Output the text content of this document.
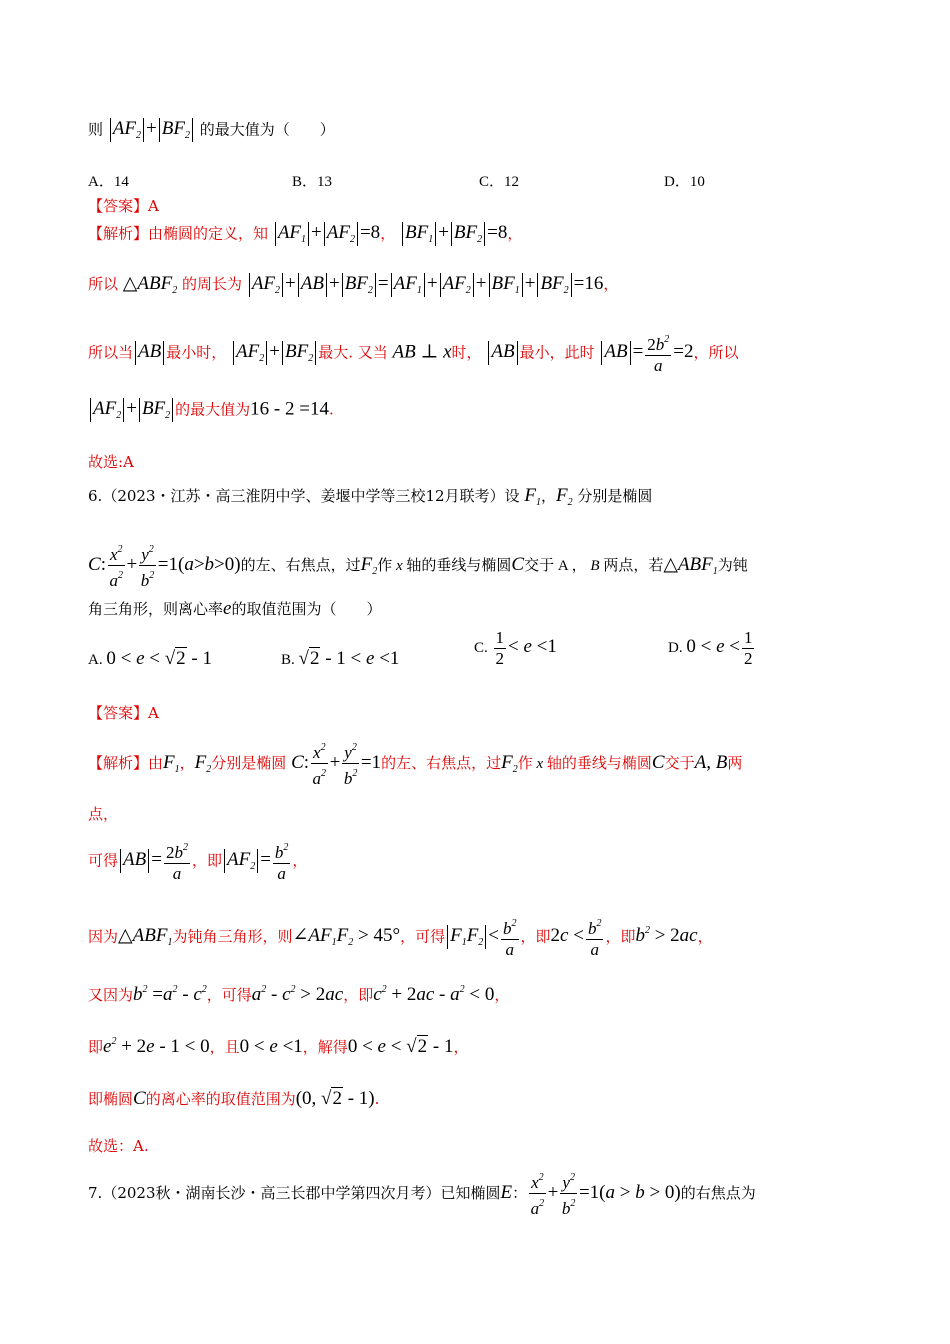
则 $AF_2 + BF_2$ 的最大值为（　　）
A．14	B．13	C．12	D．10
【答案】A
【解析】由椭圆的定义，知 $AF_1 + AF_2 =8$， $BF_1 + BF_2 =8$，
所以 $\triangle ABF_2$ 的周长为 $AF_2$ + AB + $BF_2 = AF_1 + AF_2 + BF_1 + BF_2 =16$，
所以当 AB 最小时， $AF_2 + BF_2$ 最大. 又当 AB ⊥ x时， AB 最小，此时 AB = $\frac{2b^2}{a} =2$，所以
$AF_2 + BF_2$ 的最大值为16 - 2 =14.
故选:A
6.（2023・江苏・高三淮阴中学、姜堰中学等三校12月联考）设 $F_1$，$F_2$ 分别是椭圆
C: $\frac{x^2}{a^2} + \frac{y^2}{b^2} =1(a>b>0)$的左、右焦点，过$F_2$作 x 轴的垂线与椭圆C交于 A ， B 两点，若$\triangle ABF_1$为钝
角三角形，则离心率e的取值范围为（　　）
A. 0 < e < √2 - 1	B. √2 - 1 < e <1
C. $\frac{1}{2} < e <1$	D. $0 < e < \frac{1}{2}$
【答案】A
【解析】由$F_1$，$F_2$分别是椭圆 C: $\frac{x^2}{a^2} + \frac{y^2}{b^2} =1$的左、右焦点，过$F_2$作 x 轴的垂线与椭圆C交于A, B两
点，
可得 AB = $\frac{2b^2}{a}$ ，即 $AF_2 = \frac{b^2}{a}$ ，
因为$\triangle ABF_1$为钝角三角形，则$\angle AF_1F_2 > 45^\circ$，可得 $F_1F_2 < \frac{b^2}{a}$ ，即$2c < \frac{b^2}{a}$ ，即$b^2 > 2ac$，
又因为$b^2 =a^2 - c^2$，可得$a^2 - c^2 > 2ac$，即$c^2 + 2ac - a^2 < 0$，
即$e^2 + 2e - 1 < 0$，且0 < e <1，解得0 < e < √2 - 1，
即椭圆C的离心率的取值范围为(0, √2 - 1).
故选：A.
7.（2023秋・湖南长沙・高三长郡中学第四次月考）已知椭圆E： $\frac{x^2}{a^2} + \frac{y^2}{b^2} =1(a > b > 0)$的右焦点为
